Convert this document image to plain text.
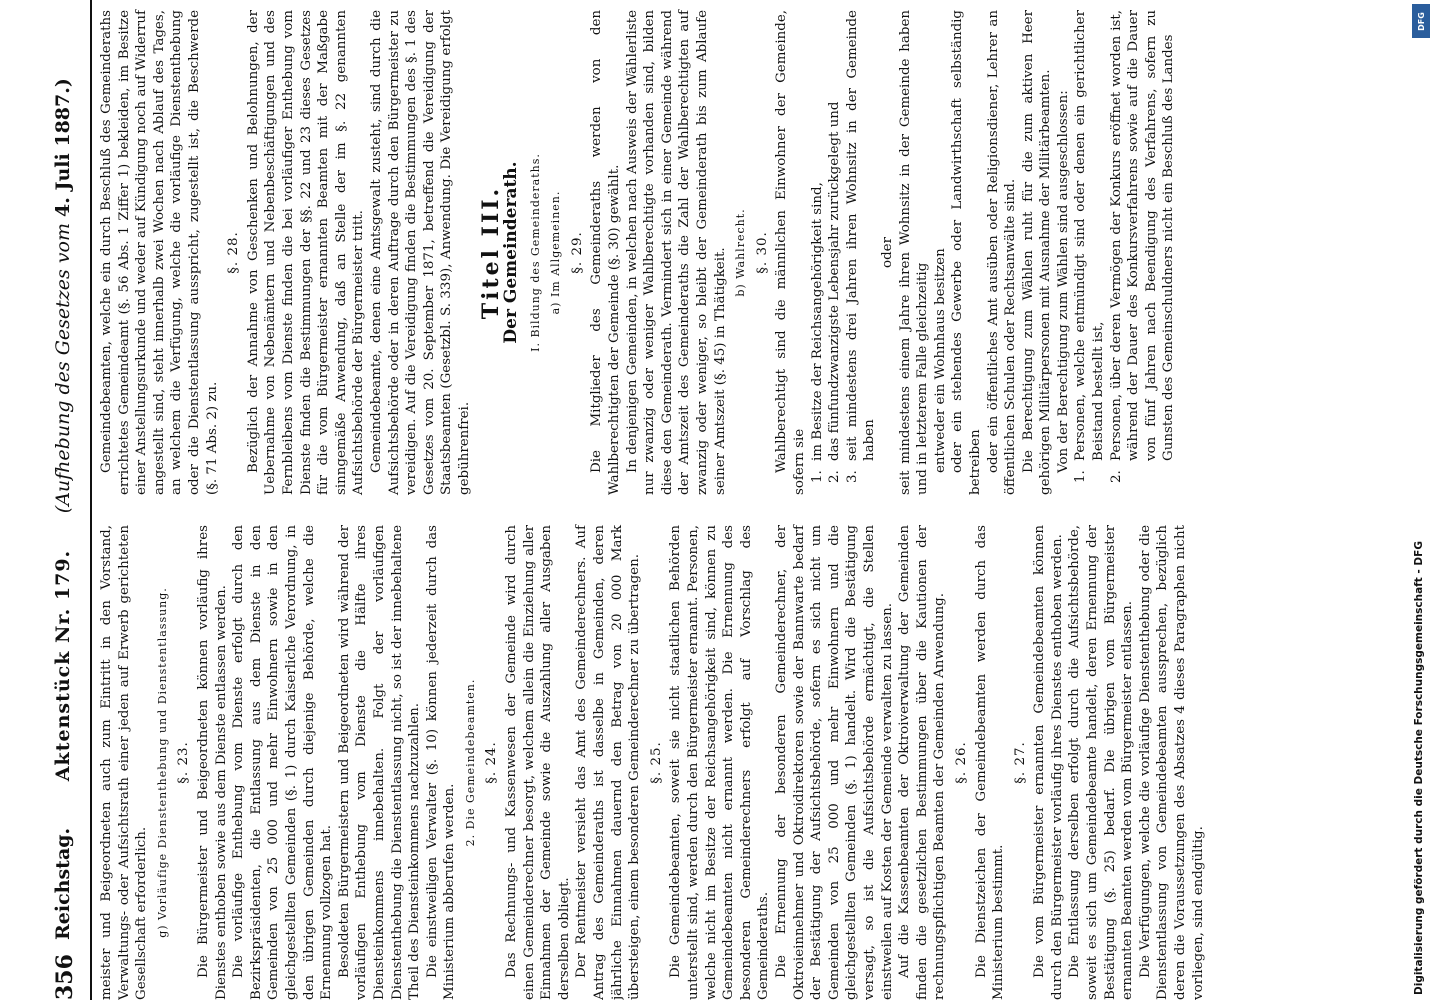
356
Reichstag. Aktenstück Nr. 179. (Aufhebung des Gesetzes vom 4. Juli 1887.)

meister und Beigeordneten auch zum Eintritt in den Vorstand, Verwaltungs- oder Aufsichtsrath einer jeden auf Erwerb gerichteten Gesellschaft erforderlich. g) Vorläufige Dienstenthebung und Dienstentlassung. §. 23. Die Bürgermeister und Beigeordneten können vorläufig ihres Dienstes enthoben sowie aus dem Dienste entlassen werden. Die vorläufige Enthebung vom Dienste erfolgt durch den Bezirkspräsidenten, die Entlassung aus dem Dienste in den Gemeinden von 25 000 und mehr Einwohnern sowie in den gleichgestellten Gemeinden (§. 1) durch Kaiserliche Verordnung, in den übrigen Gemeinden durch diejenige Behörde, welche die Ernennung vollzogen hat. Besoldeten Bürgermeistern und Beigeordneten wird während der vorläufigen Enthebung vom Dienste die Hälfte ihres Diensteinkommens innebehalten. Folgt der vorläufigen Dienstenthebung die Dienstentlassung nicht, so ist der innebehaltene Theil des Diensteinkommens nachzuzahlen. Die einstweiligen Verwalter (§. 10) können jederzeit durch das Ministerium abberufen werden.

2. Die Gemeindebeamten. §. 24. Das Rechnungs- und Kassenwesen der Gemeinde wird durch einen Gemeinderechner besorgt, welchem allein die Einziehung aller Einnahmen der Gemeinde sowie die Auszahlung aller Ausgaben derselben obliegt. Der Rentmeister versieht das Amt des Gemeinderechners. Auf Antrag des Gemeinderaths ist dasselbe in Gemeinden, deren jährliche Einnahmen dauernd den Betrag von 20 000 Mark übersteigen, einem besonderen Gemeinderechner zu übertragen. §. 25. Die Gemeindebeamten, soweit sie nicht staatlichen Behörden unterstellt sind, werden durch den Bürgermeister ernannt. Personen, welche nicht im Besitze der Reichsangehörigkeit sind, können zu Gemeindebeamten nicht ernannt werden. Die Ernennung des besonderen Gemeinderechners erfolgt auf Vorschlag des Gemeinderaths. Die Ernennung der besonderen Gemeinderechner, der Oktroieinnehmer und Oktroidirektoren sowie der Bannwarte bedarf der Bestätigung der Aufsichtsbehörde, sofern es sich nicht um Gemeinden von 25 000 und mehr Einwohnern und die gleichgestellten Gemeinden (§. 1) handelt. Wird die Bestätigung versagt, so ist die Aufsichtsbehörde ermächtigt, die Stellen einstweilen auf Kosten der Gemeinde verwalten zu lassen. Auf die Kassenbeamten der Oktroiverwaltung der Gemeinden finden die gesetzlichen Bestimmungen über die Kautionen der rechnungspflichtigen Beamten der Gemeinden Anwendung. §. 26. Die Dienstzeichen der Gemeindebeamten werden durch das Ministerium bestimmt.

§. 27. Die vom Bürgermeister ernannten Gemeindebeamten können durch den Bürgermeister vorläufig ihres Dienstes enthoben werden. Die Entlassung derselben erfolgt durch die Aufsichtsbehörde, soweit es sich um Gemeindebeamte handelt, deren Ernennung der Bestätigung (§. 25) bedarf. Die übrigen vom Bürgermeister ernannten Beamten werden vom Bürgermeister entlassen. Die Verfügungen, welche die vorläufige Dienstenthebung oder die Dienstentlassung von Gemeindebeamten aussprechen, bezüglich deren die Voraussetzungen des Absatzes 4 dieses Paragraphen nicht vorliegen, sind endgültig.

Gemeindebeamten, welche ein durch Beschluß des Gemeinderaths errichtetes Gemeindeamt (§. 56 Abs. 1 Ziffer 1) bekleiden, im Besitze einer Anstellungsurkunde und weder auf Kündigung noch auf Widerruf angestellt sind, steht innerhalb zwei Wochen nach Ablauf des Tages, an welchem die Verfügung, welche die vorläufige Dienstenthebung oder die Dienstentlassung ausspricht, zugestellt ist, die Beschwerde (§. 71 Abs. 2) zu.

§. 28. Bezüglich der Annahme von Geschenken und Belohnungen, der Uebernahme von Nebenämtern und Nebenbeschäftigungen und des Fernbleibens vom Dienste finden die bei vorläufiger Enthebung vom Dienste finden die Bestimmungen der §§. 22 und 23 dieses Gesetzes für die vom Bürgermeister ernannten Beamten mit der Maßgabe sinngemäße Anwendung, daß an Stelle der im §. 22 genannten Aufsichtsbehörde der Bürgermeister tritt. Gemeindebeamte, denen eine Amtsgewalt zusteht, sind durch die Aufsichtsbehörde oder in deren Auftrage durch den Bürgermeister zu vereidigen. Auf die Vereidigung finden die Bestimmungen des §. 1 des Gesetzes vom 20. September 1871, betreffend die Vereidigung der Staatsbeamten (Gesetzbl. S. 339), Anwendung. Die Vereidigung erfolgt gebührenfrei.

Titel III.
Der Gemeinderath. I. Bildung des Gemeinderaths. a) Im Allgemeinen. §. 29. Die Mitglieder des Gemeinderaths werden von den Wahlberechtigten der Gemeinde (§. 30) gewählt. In denjenigen Gemeinden, in welchen nach Ausweis der Wählerliste nur zwanzig oder weniger Wahlberechtigte vorhanden sind, bilden diese den Gemeinderath. Vermindert sich in einer Gemeinde während der Amtszeit des Gemeinderaths die Zahl der Wahlberechtigten auf zwanzig oder weniger, so bleibt der Gemeinderath bis zum Ablaufe seiner Amtszeit (§. 45) in Thätigkeit. b) Wahlrecht. §. 30. Wahlberechtigt sind die männlichen Einwohner der Gemeinde, sofern sie 1.
im Besitze der Reichsangehörigkeit sind,
2.
das fünfundzwanzigste Lebensjahr zurückgelegt und
3.
seit mindestens drei Jahren ihren Wohnsitz in der Gemeinde haben
oder seit mindestens einem Jahre ihren Wohnsitz in der Gemeinde haben und in letzterem Falle gleichzeitig entweder ein Wohnhaus besitzen oder ein stehendes Gewerbe oder Landwirthschaft selbständig betreiben oder ein öffentliches Amt ausüben oder Religionsdiener, Lehrer an öffentlichen Schulen oder Rechtsanwälte sind. Die Berechtigung zum Wählen ruht für die zum aktiven Heer gehörigen Militärpersonen mit Ausnahme der Militärbeamten. Von der Berechtigung zum Wählen sind ausgeschlossen:

1.
Personen, welche entmündigt sind oder denen ein gerichtlicher Beistand bestellt ist,
2.
Personen, über deren Vermögen der Konkurs eröffnet worden ist, während der Dauer des Konkursverfahrens sowie auf die Dauer von fünf Jahren nach Beendigung des Verfahrens, sofern zu Gunsten des Gemeinschuldners nicht ein Beschluß des Landes
DFG
Digitalisierung gefördert durch die Deutsche Forschungsgemeinschaft - DFG
